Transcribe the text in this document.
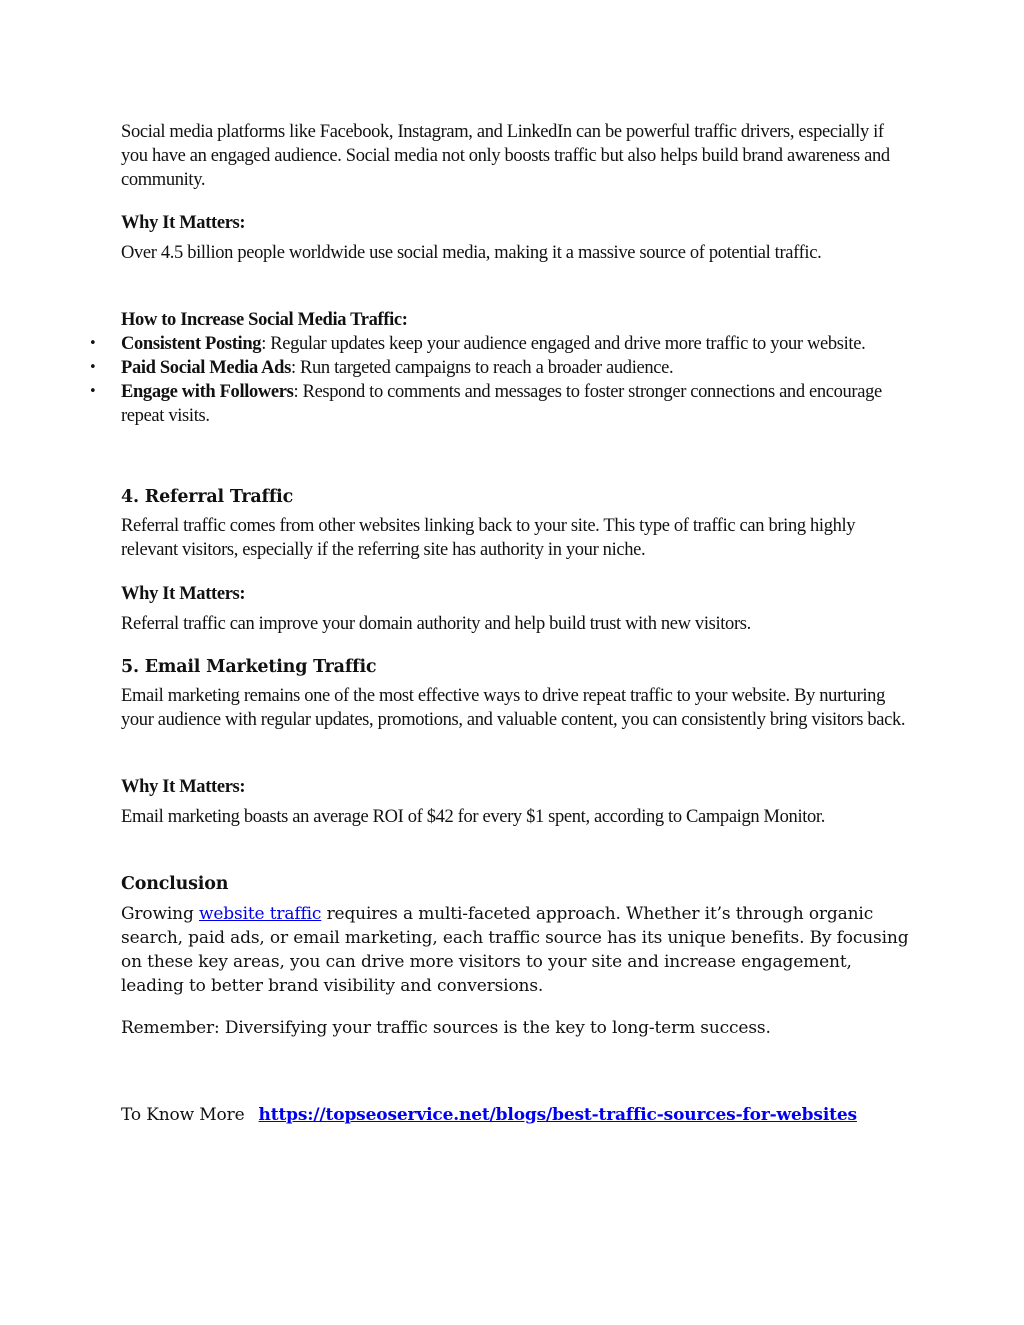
Social media platforms like Facebook, Instagram, and LinkedIn can be powerful traffic drivers, especially if you have an engaged audience. Social media not only boosts traffic but also helps build brand awareness and community.

Why It Matters:

Over 4.5 billion people worldwide use social media, making it a massive source of potential traffic.

How to Increase Social Media Traffic:

• Consistent Posting: Regular updates keep your audience engaged and drive more traffic to your website.
• Paid Social Media Ads: Run targeted campaigns to reach a broader audience.
• Engage with Followers: Respond to comments and messages to foster stronger connections and encourage repeat visits.
4. Referral Traffic

Referral traffic comes from other websites linking back to your site. This type of traffic can bring highly relevant visitors, especially if the referring site has authority in your niche.

Why It Matters:

Referral traffic can improve your domain authority and help build trust with new visitors.

5. Email Marketing Traffic

Email marketing remains one of the most effective ways to drive repeat traffic to your website. By nurturing your audience with regular updates, promotions, and valuable content, you can consistently bring visitors back.

Why It Matters:

Email marketing boasts an average ROI of $42 for every $1 spent, according to Campaign Monitor.

Conclusion

Growing website traffic requires a multi-faceted approach. Whether it’s through organic search, paid ads, or email marketing, each traffic source has its unique benefits. By focusing on these key areas, you can drive more visitors to your site and increase engagement, leading to better brand visibility and conversions.

Remember: Diversifying your traffic sources is the key to long-term success.

To Know More https://topseoservice.net/blogs/best-traffic-sources-for-websites
